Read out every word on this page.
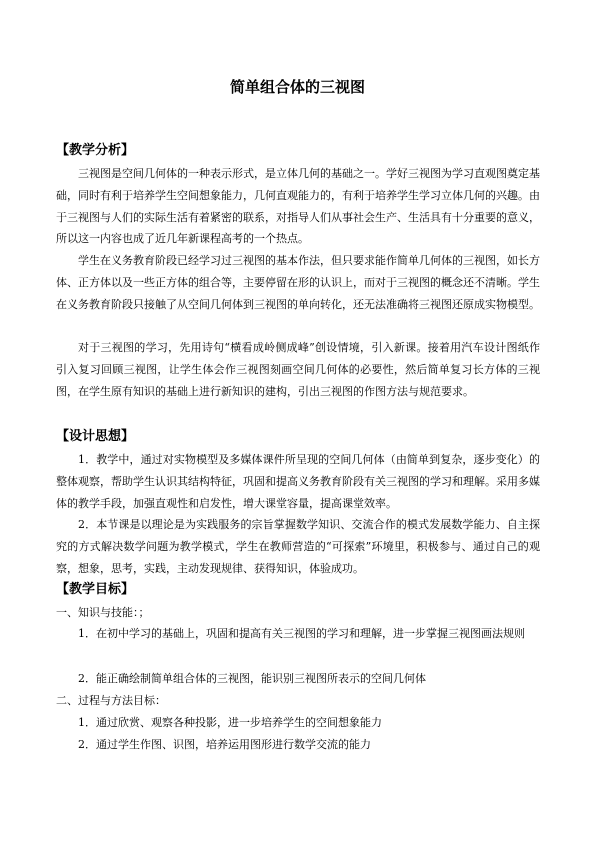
简单组合体的三视图
【教学分析】

三视图是空间几何体的一种表示形式，是立体几何的基础之一。学好三视图为学习直观图奠定基础，同时有利于培养学生空间想象能力，几何直观能力的，有利于培养学生学习立体几何的兴趣。由于三视图与人们的实际生活有着紧密的联系，对指导人们从事社会生产、生活具有十分重要的意义，所以这一内容也成了近几年新课程高考的一个热点。

学生在义务教育阶段已经学习过三视图的基本作法，但只要求能作简单几何体的三视图，如长方体、正方体以及一些正方体的组合等，主要停留在形的认识上，而对于三视图的概念还不清晰。学生在义务教育阶段只接触了从空间几何体到三视图的单向转化，还无法准确将三视图还原成实物模型。

对于三视图的学习，先用诗句“横看成岭侧成峰”创设情境，引入新课。接着用汽车设计图纸作引入复习回顾三视图，让学生体会作三视图刻画空间几何体的必要性，然后简单复习长方体的三视图，在学生原有知识的基础上进行新知识的建构，引出三视图的作图方法与规范要求。

【设计思想】

1．教学中，通过对实物模型及多媒体课件所呈现的空间几何体（由简单到复杂，逐步变化）的整体观察，帮助学生认识其结构特征，巩固和提高义务教育阶段有关三视图的学习和理解。采用多媒体的教学手段，加强直观性和启发性，增大课堂容量，提高课堂效率。

2．本节课是以理论是为实践服务的宗旨掌握数学知识、交流合作的模式发展数学能力、自主探究的方式解决数学问题为教学模式，学生在教师营造的“可探索”环境里，积极参与、通过自己的观察，想象，思考，实践，主动发现规律、获得知识，体验成功。

【教学目标】

一、知识与技能：；

1．在初中学习的基础上，巩固和提高有关三视图的学习和理解，进一步掌握三视图画法规则

2．能正确绘制简单组合体的三视图，能识别三视图所表示的空间几何体

二、过程与方法目标：

1．通过欣赏、观察各种投影，进一步培养学生的空间想象能力

2．通过学生作图、识图，培养运用图形进行数学交流的能力
